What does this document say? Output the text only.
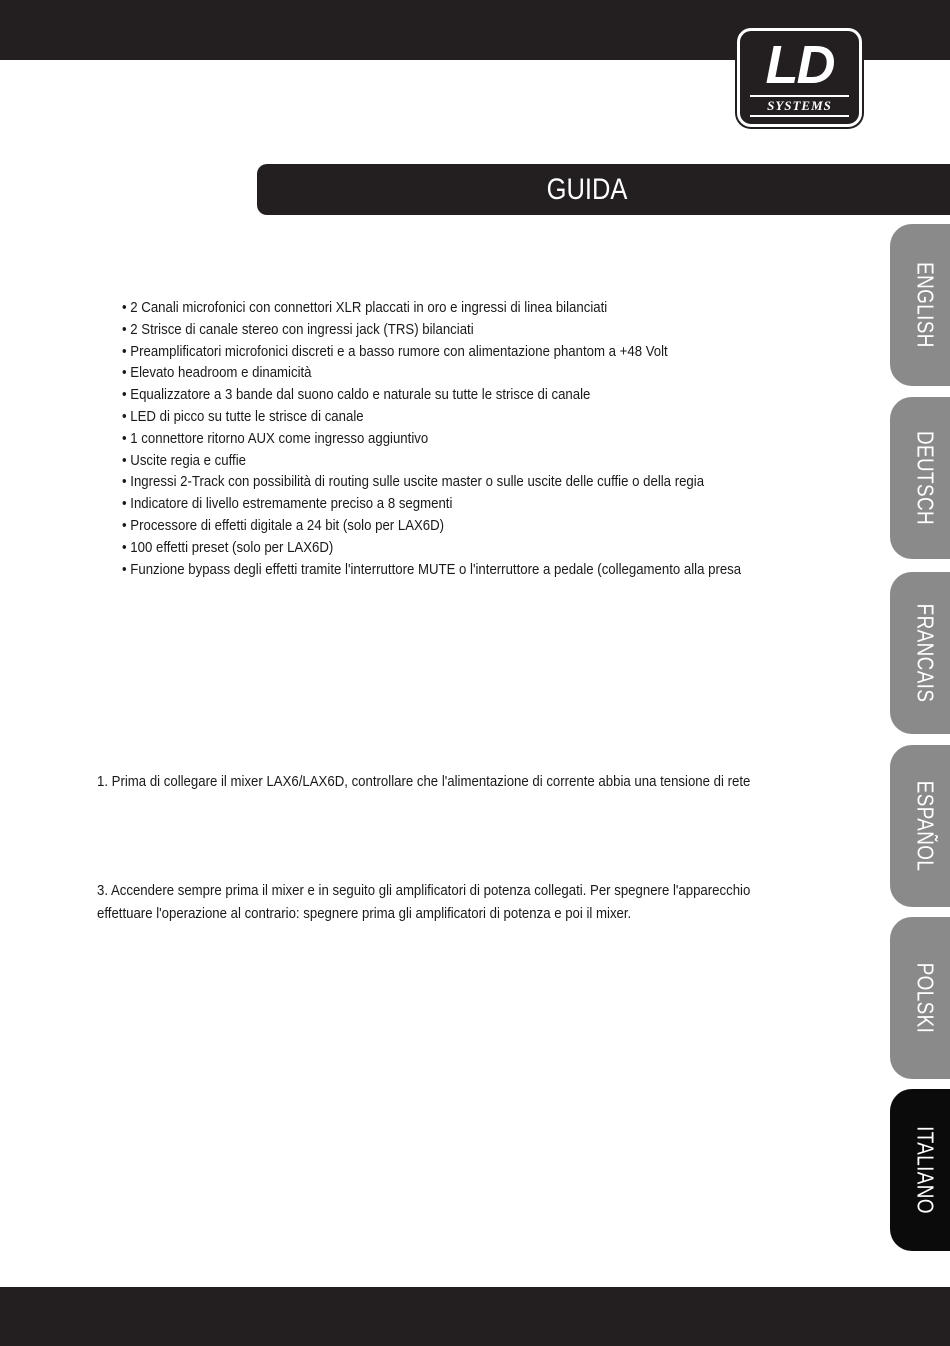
LD
SYSTEMS
GUIDA
• 2 Canali microfonici con connettori XLR placcati in oro e ingressi di linea bilanciati
• 2 Strisce di canale stereo con ingressi jack (TRS) bilanciati
• Preamplificatori microfonici discreti e a basso rumore con alimentazione phantom a +48 Volt
• Elevato headroom e dinamicità
• Equalizzatore a 3 bande dal suono caldo e naturale su tutte le strisce di canale
• LED di picco su tutte le strisce di canale
• 1 connettore ritorno AUX come ingresso aggiuntivo
• Uscite regia e cuffie
• Ingressi 2-Track con possibilità di routing sulle uscite master o sulle uscite delle cuffie o della regia
• Indicatore di livello estremamente preciso a 8 segmenti
• Processore di effetti digitale a 24 bit (solo per LAX6D)
• 100 effetti preset (solo per LAX6D)
• Funzione bypass degli effetti tramite l'interruttore MUTE o l'interruttore a pedale (collegamento alla presa

1. Prima di collegare il mixer LAX6/LAX6D, controllare che l'alimentazione di corrente abbia una tensione di rete

3. Accendere sempre prima il mixer e in seguito gli amplificatori di potenza collegati. Per spegnere l'apparecchio

effettuare l'operazione al contrario: spegnere prima gli amplificatori di potenza e poi il mixer.

ENGLISH
DEUTSCH
FRANCAIS
ESPAÑOL
POLSKI
ITALIANO
